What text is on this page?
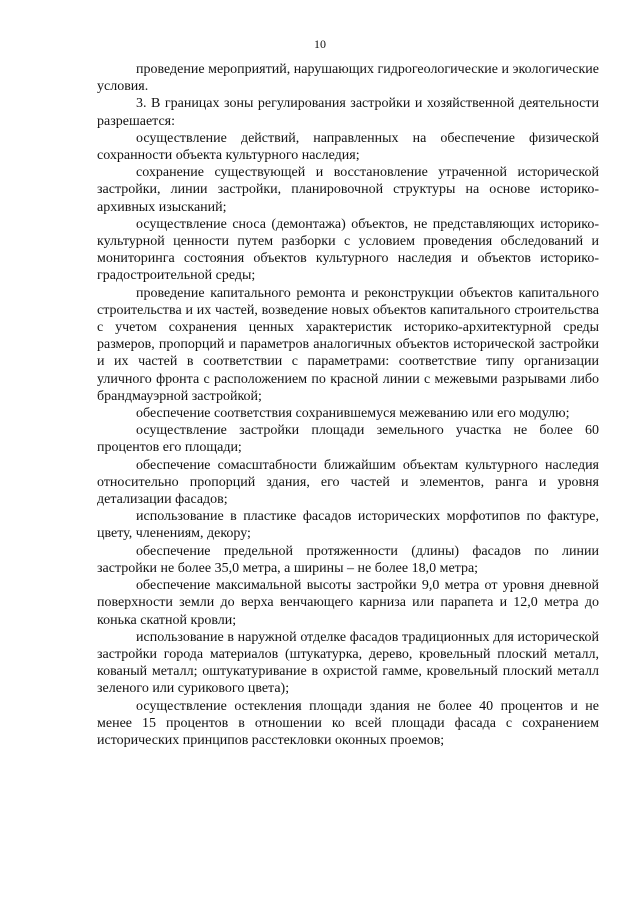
10

проведение мероприятий, нарушающих гидрогеологические и экологические условия.

3. В границах зоны регулирования застройки и хозяйственной деятельности разрешается:

осуществление действий, направленных на обеспечение физической сохранности объекта культурного наследия;

сохранение существующей и восстановление утраченной исторической застройки, линии застройки, планировочной структуры на основе историко-архивных изысканий;

осуществление сноса (демонтажа) объектов, не представляющих историко-культурной ценности путем разборки с условием проведения обследований и мониторинга состояния объектов культурного наследия и объектов историко-градостроительной среды;

проведение капитального ремонта и реконструкции объектов капитального строительства и их частей, возведение новых объектов капитального строительства с учетом сохранения ценных характеристик историко-архитектурной среды размеров, пропорций и параметров аналогичных объектов исторической застройки и их частей в соответствии с параметрами: соответствие типу организации уличного фронта с расположением по красной линии с межевыми разрывами либо брандмауэрной застройкой;

обеспечение соответствия сохранившемуся межеванию или его модулю;

осуществление застройки площади земельного участка не более 60 процентов его площади;

обеспечение сомасштабности ближайшим объектам культурного наследия относительно пропорций здания, его частей и элементов, ранга и уровня детализации фасадов;

использование в пластике фасадов исторических морфотипов по фактуре, цвету, членениям, декору;

обеспечение предельной протяженности (длины) фасадов по линии застройки не более 35,0 метра, а ширины – не более 18,0 метра;

обеспечение максимальной высоты застройки 9,0 метра от уровня дневной поверхности земли до верха венчающего карниза или парапета и 12,0 метра до конька скатной кровли;

использование в наружной отделке фасадов традиционных для исторической застройки города материалов (штукатурка, дерево, кровельный плоский металл, кованый металл; оштукатуривание в охристой гамме, кровельный плоский металл зеленого или сурикового цвета);

осуществление остекления площади здания не более 40 процентов и не менее 15 процентов в отношении ко всей площади фасада с сохранением исторических принципов расстекловки оконных проемов;
